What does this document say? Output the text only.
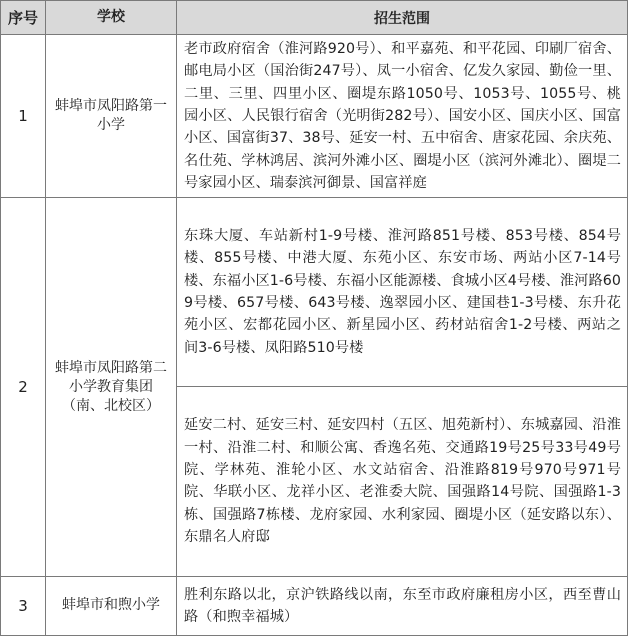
序号	学校	招生范围
1	蚌埠市凤阳路第一小学	老市政府宿舍（淮河路920号）、和平嘉苑、和平花园、印刷厂宿舍、邮电局小区（国治街247号）、凤一小宿舍、亿发久家园、勤俭一里、二里、三里、四里小区、圈堤东路1050号、1053号、1055号、桃园小区、人民银行宿舍（光明街282号）、国安小区、国庆小区、国富小区、国富街37、38号、延安一村、五中宿舍、唐家花园、余庆苑、名仕苑、学林鸿居、滨河外滩小区、圈堤小区（滨河外滩北）、圈堤二号家园小区、瑞泰滨河御景、国富祥庭
2	蚌埠市凤阳路第二小学教育集团（南、北校区）	东珠大厦、车站新村1-9号楼、淮河路851号楼、853号楼、854号楼、855号楼、中港大厦、东苑小区、东安市场、两站小区7-14号楼、东福小区1-6号楼、东福小区能源楼、食城小区4号楼、淮河路609号楼、657号楼、643号楼、逸翠园小区、建国巷1-3号楼、东升花苑小区、宏都花园小区、新星园小区、药材站宿舍1-2号楼、两站之间3-6号楼、凤阳路510号楼
		延安二村、延安三村、延安四村（五区、旭苑新村）、东城嘉园、沿淮一村、沿淮二村、和顺公寓、香逸名苑、交通路19号25号33号49号院、学林苑、淮轮小区、水文站宿舍、沿淮路819号970号971号院、华联小区、龙祥小区、老淮委大院、国强路14号院、国强路1-3栋、国强路7栋楼、龙府家园、水利家园、圈堤小区（延安路以东）、东鼎名人府邸
3	蚌埠市和煦小学	胜利东路以北，京沪铁路线以南，东至市政府廉租房小区，西至曹山路（和煦幸福城）
